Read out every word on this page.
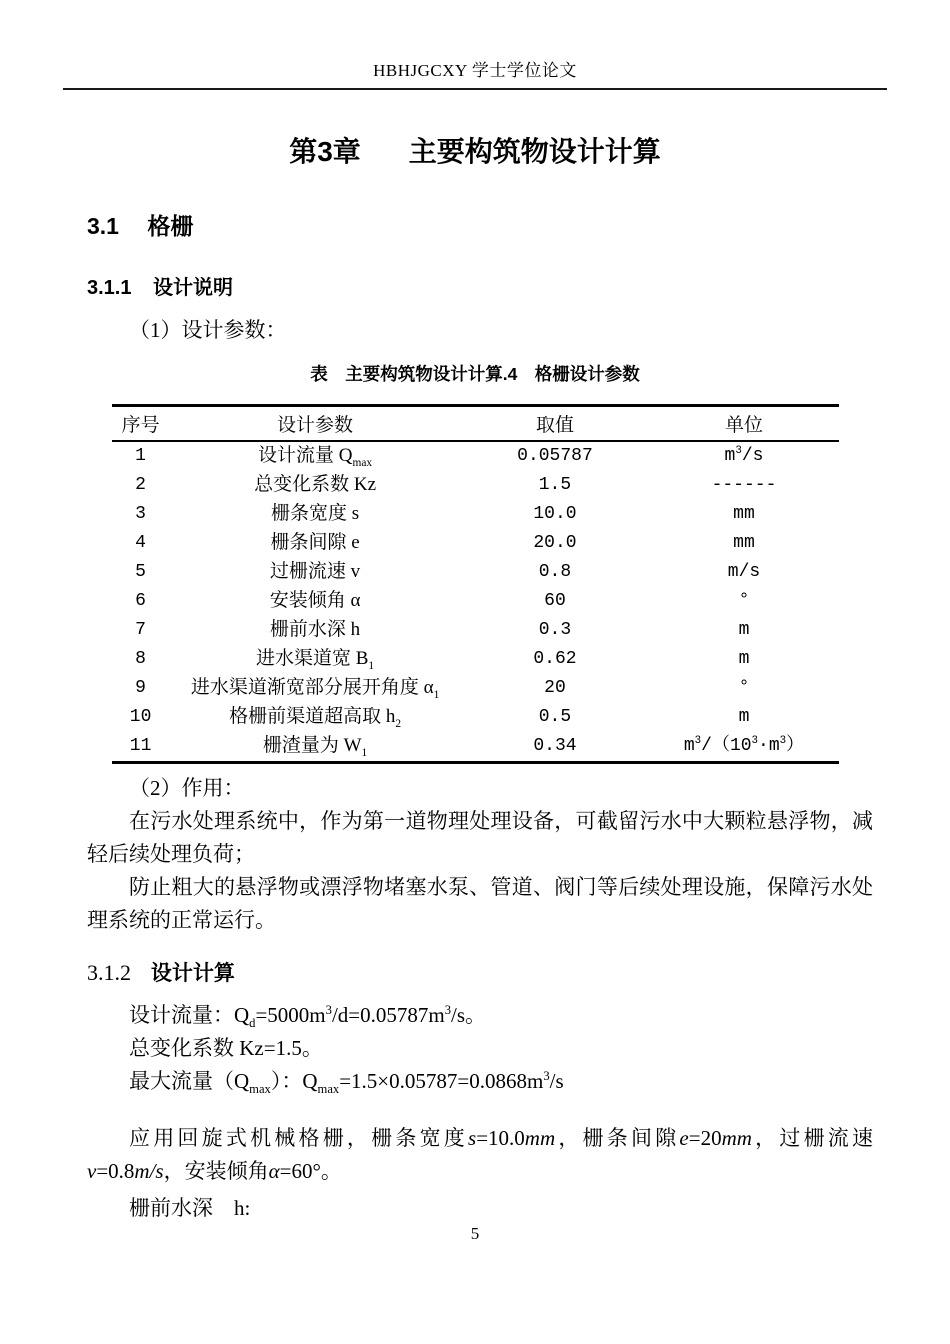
HBHJGCXY 学士学位论文
第3章 主要构筑物设计计算
3.1 格栅
3.1.1 设计说明
（1）设计参数：
表　主要构筑物设计计算.4　格栅设计参数
序号	设计参数	取值	单位
1	设计流量 $Q_{max}$	0.05787	$m^3/s$
2	总变化系数 Kz	1.5	------
3	栅条宽度 s	10.0	mm
4	栅条间隙 e	20.0	mm
5	过栅流速 v	0.8	m/s
6	安装倾角 α	60	°
7	栅前水深 h	0.3	m
8	进水渠道宽 $B_1$	0.62	m
9	进水渠道渐宽部分展开角度 $\alpha_1$	20	°
10	格栅前渠道超高取 $h_2$	0.5	m
11	栅渣量为 $W_1$	0.34	$m^3/(10^3\cdot m^3)$
（2）作用：
在污水处理系统中，作为第一道物理处理设备，可截留污水中大颗粒悬浮物，减轻后续处理负荷；
防止粗大的悬浮物或漂浮物堵塞水泵、管道、阀门等后续处理设施，保障污水处理系统的正常运行。
3.1.2 设计计算
设计流量：$Q_d=5000m^3/d=0.05787m^3/s$。
总变化系数 Kz=1.5。
最大流量$(Q_{max})$：$Q_{max}=1.5\times 0.05787=0.0868m^3/s$
应用回旋式机械格栅，栅条宽度s=10.0mm，栅条间隙e=20mm，过栅流速v=0.8m/s，安装倾角α=60°。
栅前水深　h:
5
